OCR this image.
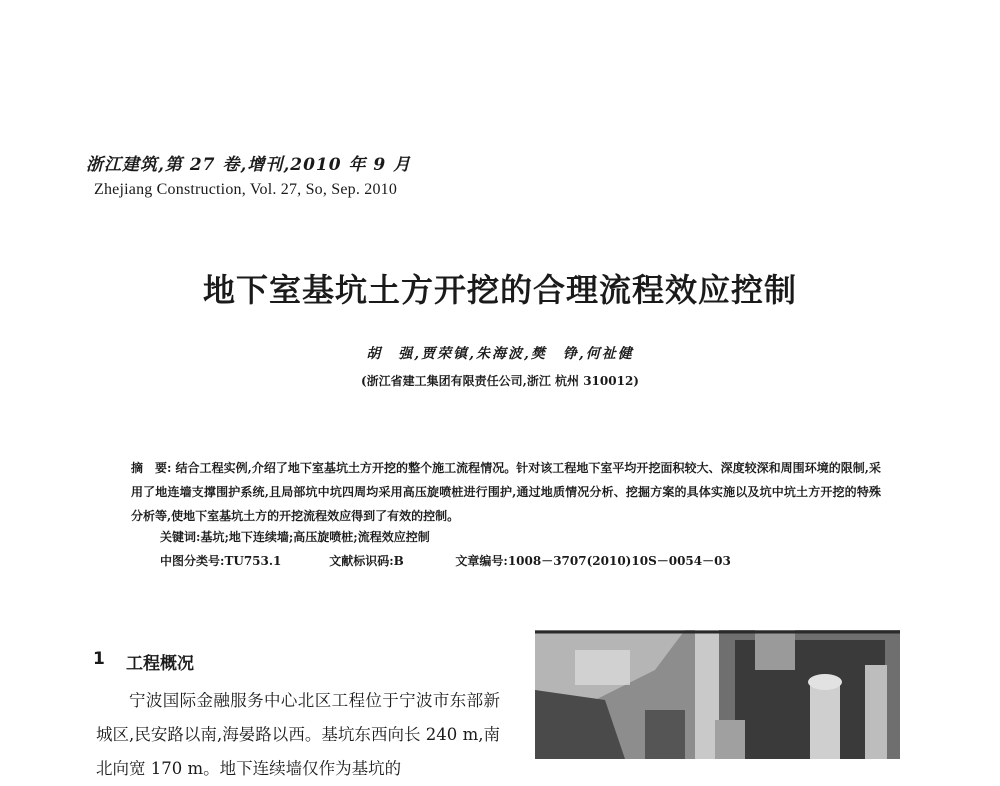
浙江建筑,第 27 卷,增刊,2010 年 9 月
Zhejiang Construction, Vol. 27, So, Sep. 2010
地下室基坑土方开挖的合理流程效应控制
胡　强,贾荣镇,朱海波,樊　铮,何祉健
(浙江省建工集团有限责任公司,浙江 杭州 310012)
摘　要: 结合工程实例,介绍了地下室基坑土方开挖的整个施工流程情况。针对该工程地下室平均开挖面积较大、深度较深和周围环境的限制,采用了地连墙支撑围护系统,且局部坑中坑四周均采用高压旋喷桩进行围护,通过地质情况分析、挖掘方案的具体实施以及坑中坑土方开挖的特殊分析等,使地下室基坑土方的开挖流程效应得到了有效的控制。
关键词:基坑;地下连续墙;高压旋喷桩;流程效应控制
中图分类号:TU753.1	文献标识码:B	文章编号:1008－3707(2010)10S－0054－03
1 工程概况
宁波国际金融服务中心北区工程位于宁波市东部新城区,民安路以南,海晏路以西。基坑东西向长 240 m,南北向宽 170 m。地下连续墙仅作为基坑的
